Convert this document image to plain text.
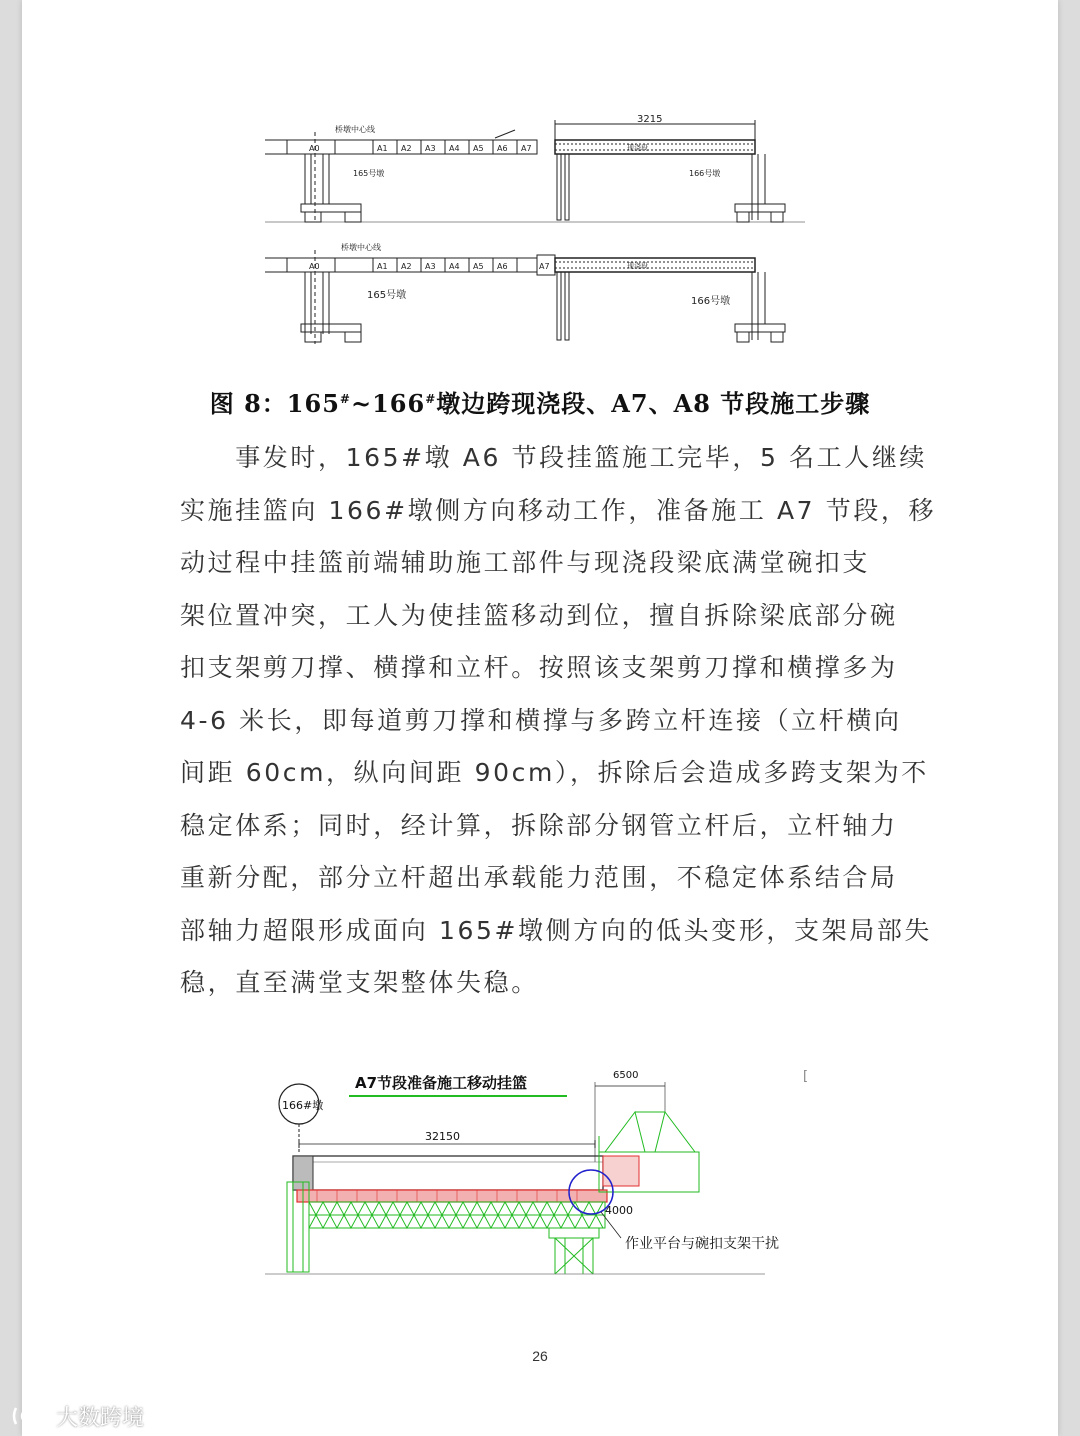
桥墩中心线
A0	A1 A2 A3 A4 A5 A6 A7
3215
现浇段
165号墩	166号墩
桥墩中心线
A0	A1 A2 A3 A4 A5 A6	A7	现浇段
165号墩
166号墩
图 8：165#~166#墩边跨现浇段、A7、A8 节段施工步骤
　　事发时，165#墩 A6 节段挂篮施工完毕，5 名工人继续
实施挂篮向 166#墩侧方向移动工作，准备施工 A7 节段，移
动过程中挂篮前端辅助施工部件与现浇段梁底满堂碗扣支
架位置冲突，工人为使挂篮移动到位，擅自拆除梁底部分碗
扣支架剪刀撑、横撑和立杆。按照该支架剪刀撑和横撑多为
4-6 米长，即每道剪刀撑和横撑与多跨立杆连接（立杆横向
间距 60cm，纵向间距 90cm），拆除后会造成多跨支架为不
稳定体系；同时，经计算，拆除部分钢管立杆后，立杆轴力
重新分配，部分立杆超出承载能力范围，不稳定体系结合局
部轴力超限形成面向 165#墩侧方向的低头变形，支架局部失
稳，直至满堂支架整体失稳。
A7节段准备施工移动挂篮
166#墩
32150
6500	[
4000
作业平台与碗扣支架干扰
26
大数跨境
